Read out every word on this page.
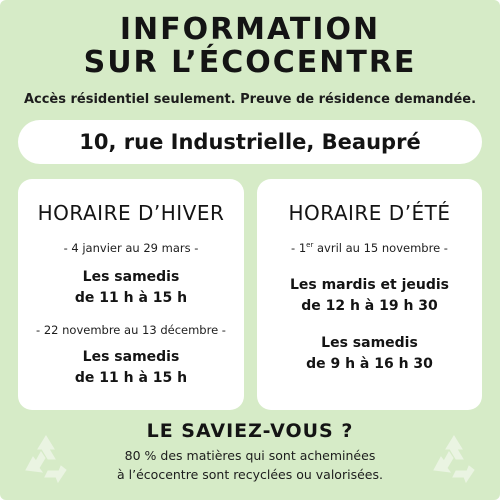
INFORMATION
SUR L’ÉCOCENTRE
Accès résidentiel seulement. Preuve de résidence demandée.
10, rue Industrielle, Beaupré
HORAIRE D’HIVER
- 4 janvier au 29 mars -
Les samedis
de 11 h à 15 h
- 22 novembre au 13 décembre -
Les samedis
de 11 h à 15 h
HORAIRE D’ÉTÉ
- 1er avril au 15 novembre -
Les mardis et jeudis
de 12 h à 19 h 30
Les samedis
de 9 h à 16 h 30
LE SAVIEZ-VOUS ?
80 % des matières qui sont acheminées
à l’écocentre sont recyclées ou valorisées.
